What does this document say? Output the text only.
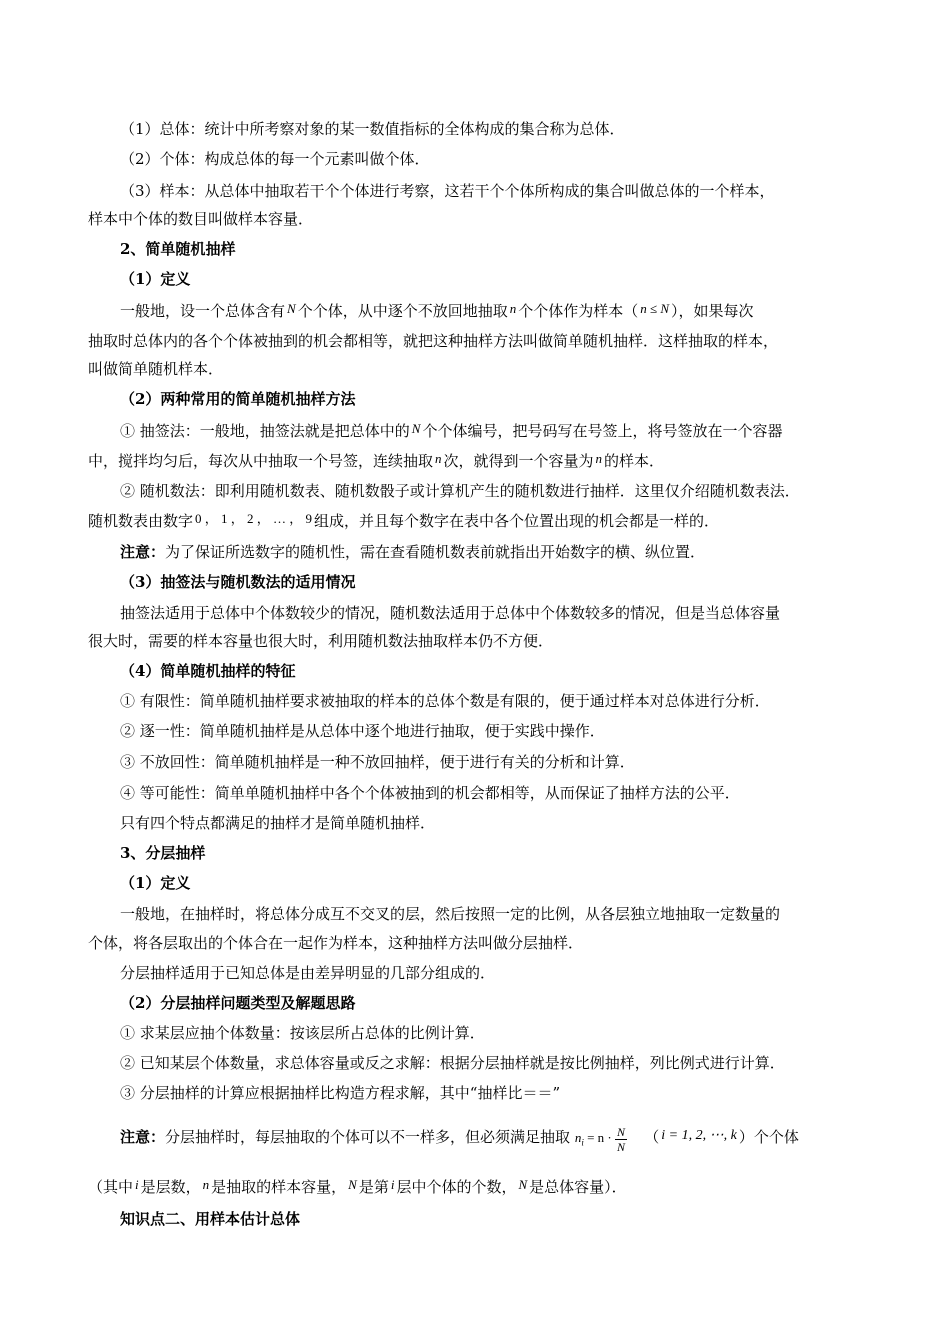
（1）总体：统计中所考察对象的某一数值指标的全体构成的集合称为总体．
（2）个体：构成总体的每一个元素叫做个体．
（3）样本：从总体中抽取若干个个体进行考察，这若干个个体所构成的集合叫做总体的一个样本，
样本中个体的数目叫做样本容量．
2、简单随机抽样
（1）定义
一般地，设一个总体含有 N 个个体，从中逐个不放回地抽取 n 个个体作为样本（ n ≤ N ），如果每次
抽取时总体内的各个个体被抽到的机会都相等，就把这种抽样方法叫做简单随机抽样．这样抽取的样本，
叫做简单随机样本．
（2）两种常用的简单随机抽样方法
① 抽签法：一般地，抽签法就是把总体中的 N 个个体编号，把号码写在号签上，将号签放在一个容器
中，搅拌均匀后，每次从中抽取一个号签，连续抽取 n 次，就得到一个容量为 n 的样本．
② 随机数法：即利用随机数表、随机数骰子或计算机产生的随机数进行抽样．这里仅介绍随机数表法．
随机数表由数字 0 ， 1 ， 2 ， … ， 9 组成，并且每个数字在表中各个位置出现的机会都是一样的．
注意：为了保证所选数字的随机性，需在查看随机数表前就指出开始数字的横、纵位置．
（3）抽签法与随机数法的适用情况
抽签法适用于总体中个体数较少的情况，随机数法适用于总体中个体数较多的情况，但是当总体容量
很大时，需要的样本容量也很大时，利用随机数法抽取样本仍不方便．
（4）简单随机抽样的特征
① 有限性：简单随机抽样要求被抽取的样本的总体个数是有限的，便于通过样本对总体进行分析．
② 逐一性：简单随机抽样是从总体中逐个地进行抽取，便于实践中操作．
③ 不放回性：简单随机抽样是一种不放回抽样，便于进行有关的分析和计算．
④ 等可能性：简单单随机抽样中各个个体被抽到的机会都相等，从而保证了抽样方法的公平．
只有四个特点都满足的抽样才是简单随机抽样．
3、分层抽样
（1）定义
一般地，在抽样时，将总体分成互不交叉的层，然后按照一定的比例，从各层独立地抽取一定数量的
个体，将各层取出的个体合在一起作为样本，这种抽样方法叫做分层抽样．
分层抽样适用于已知总体是由差异明显的几部分组成的．
（2）分层抽样问题类型及解题思路
① 求某层应抽个体数量：按该层所占总体的比例计算．
② 已知某层个体数量，求总体容量或反之求解：根据分层抽样就是按比例抽样，列比例式进行计算．
③ 分层抽样的计算应根据抽样比构造方程求解，其中“抽样比＝＝”
注意：分层抽样时，每层抽取的个体可以不一样多，但必须满足抽取 $n_i = n \cdot \frac{N}{N}$ （ i = 1, 2, ⋯, k ）个个体
（其中 i 是层数， n 是抽取的样本容量， N 是第 i 层中个体的个数， N 是总体容量）．
知识点二、用样本估计总体
